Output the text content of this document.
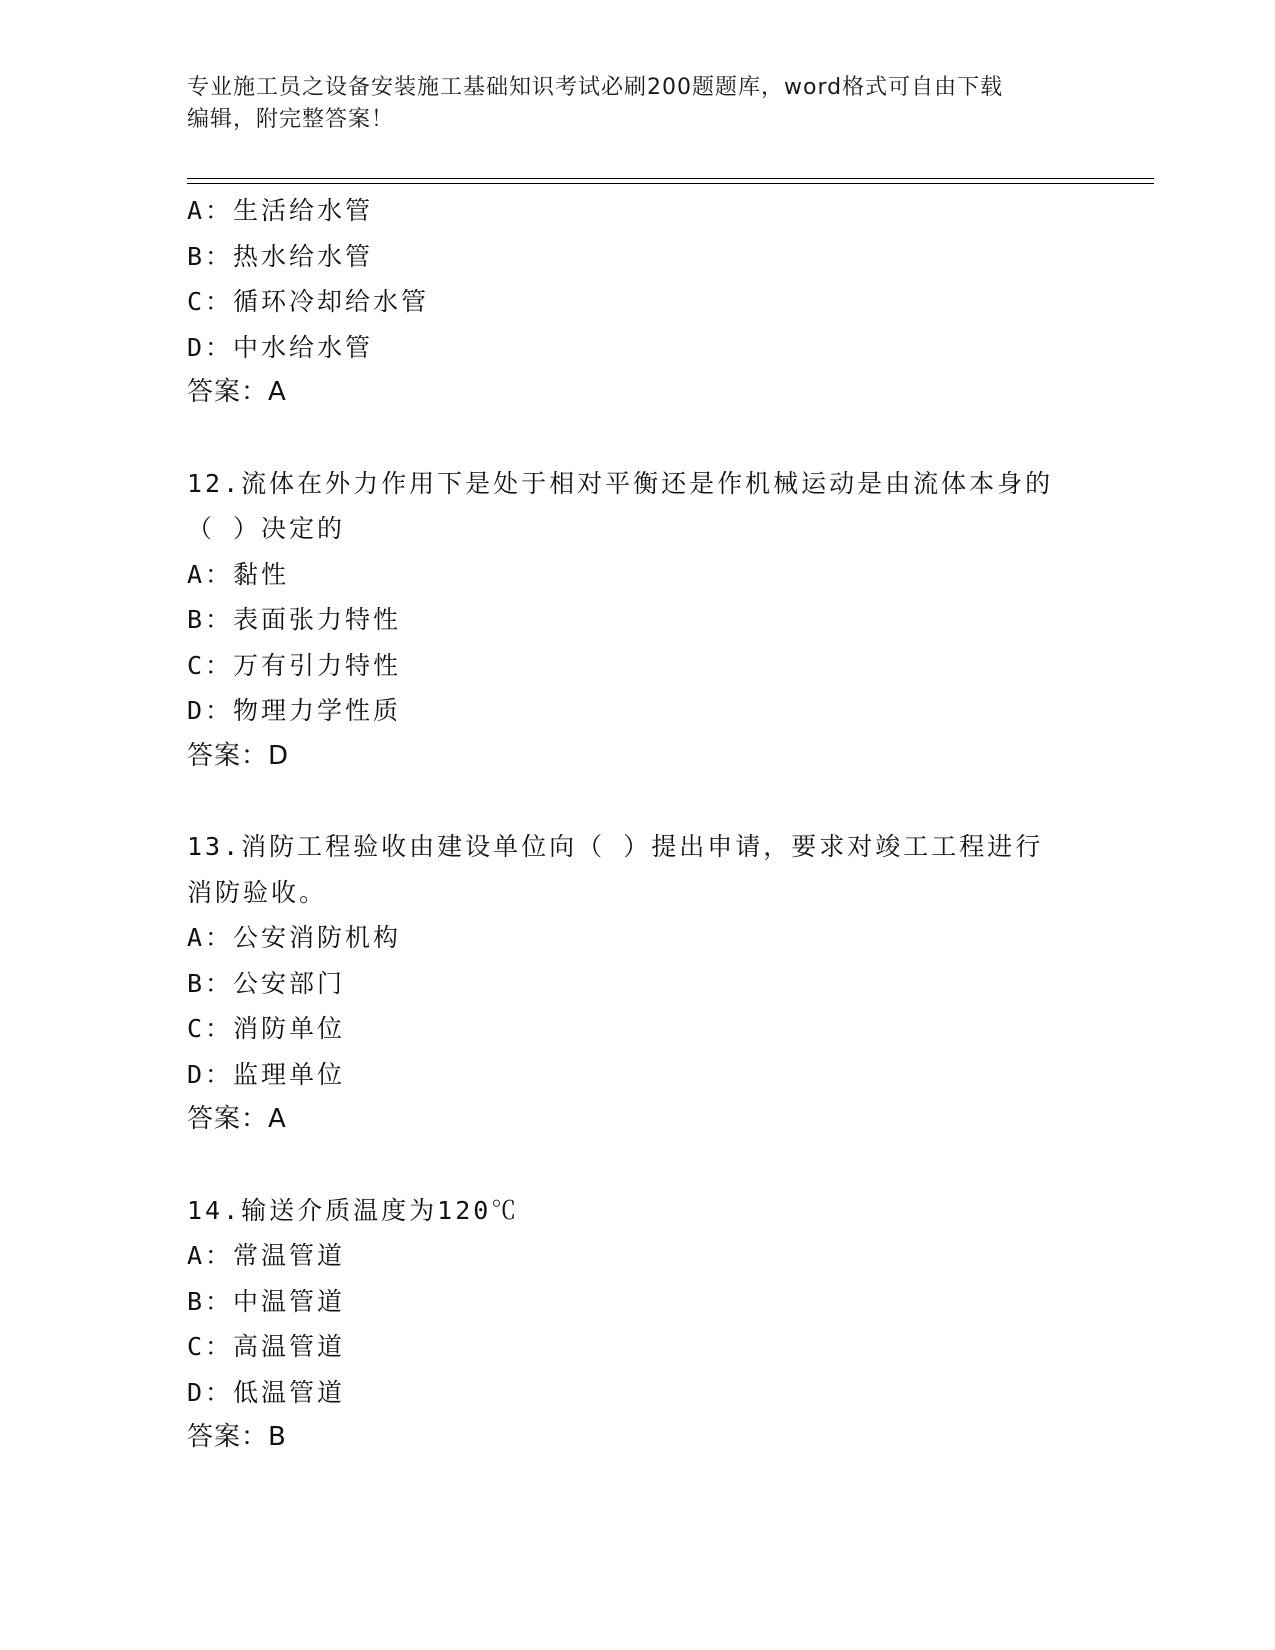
专业施工员之设备安装施工基础知识考试必刷200题题库，word格式可自由下载
编辑，附完整答案！
A：生活给水管
B：热水给水管
C：循环冷却给水管
D：中水给水管
答案：A
12.流体在外力作用下是处于相对平衡还是作机械运动是由流体本身的
（ ）决定的
A：黏性
B：表面张力特性
C：万有引力特性
D：物理力学性质
答案：D
13.消防工程验收由建设单位向（ ）提出申请，要求对竣工工程进行
消防验收。
A：公安消防机构
B：公安部门
C：消防单位
D：监理单位
答案：A
14.输送介质温度为120℃
A：常温管道
B：中温管道
C：高温管道
D：低温管道
答案：B
